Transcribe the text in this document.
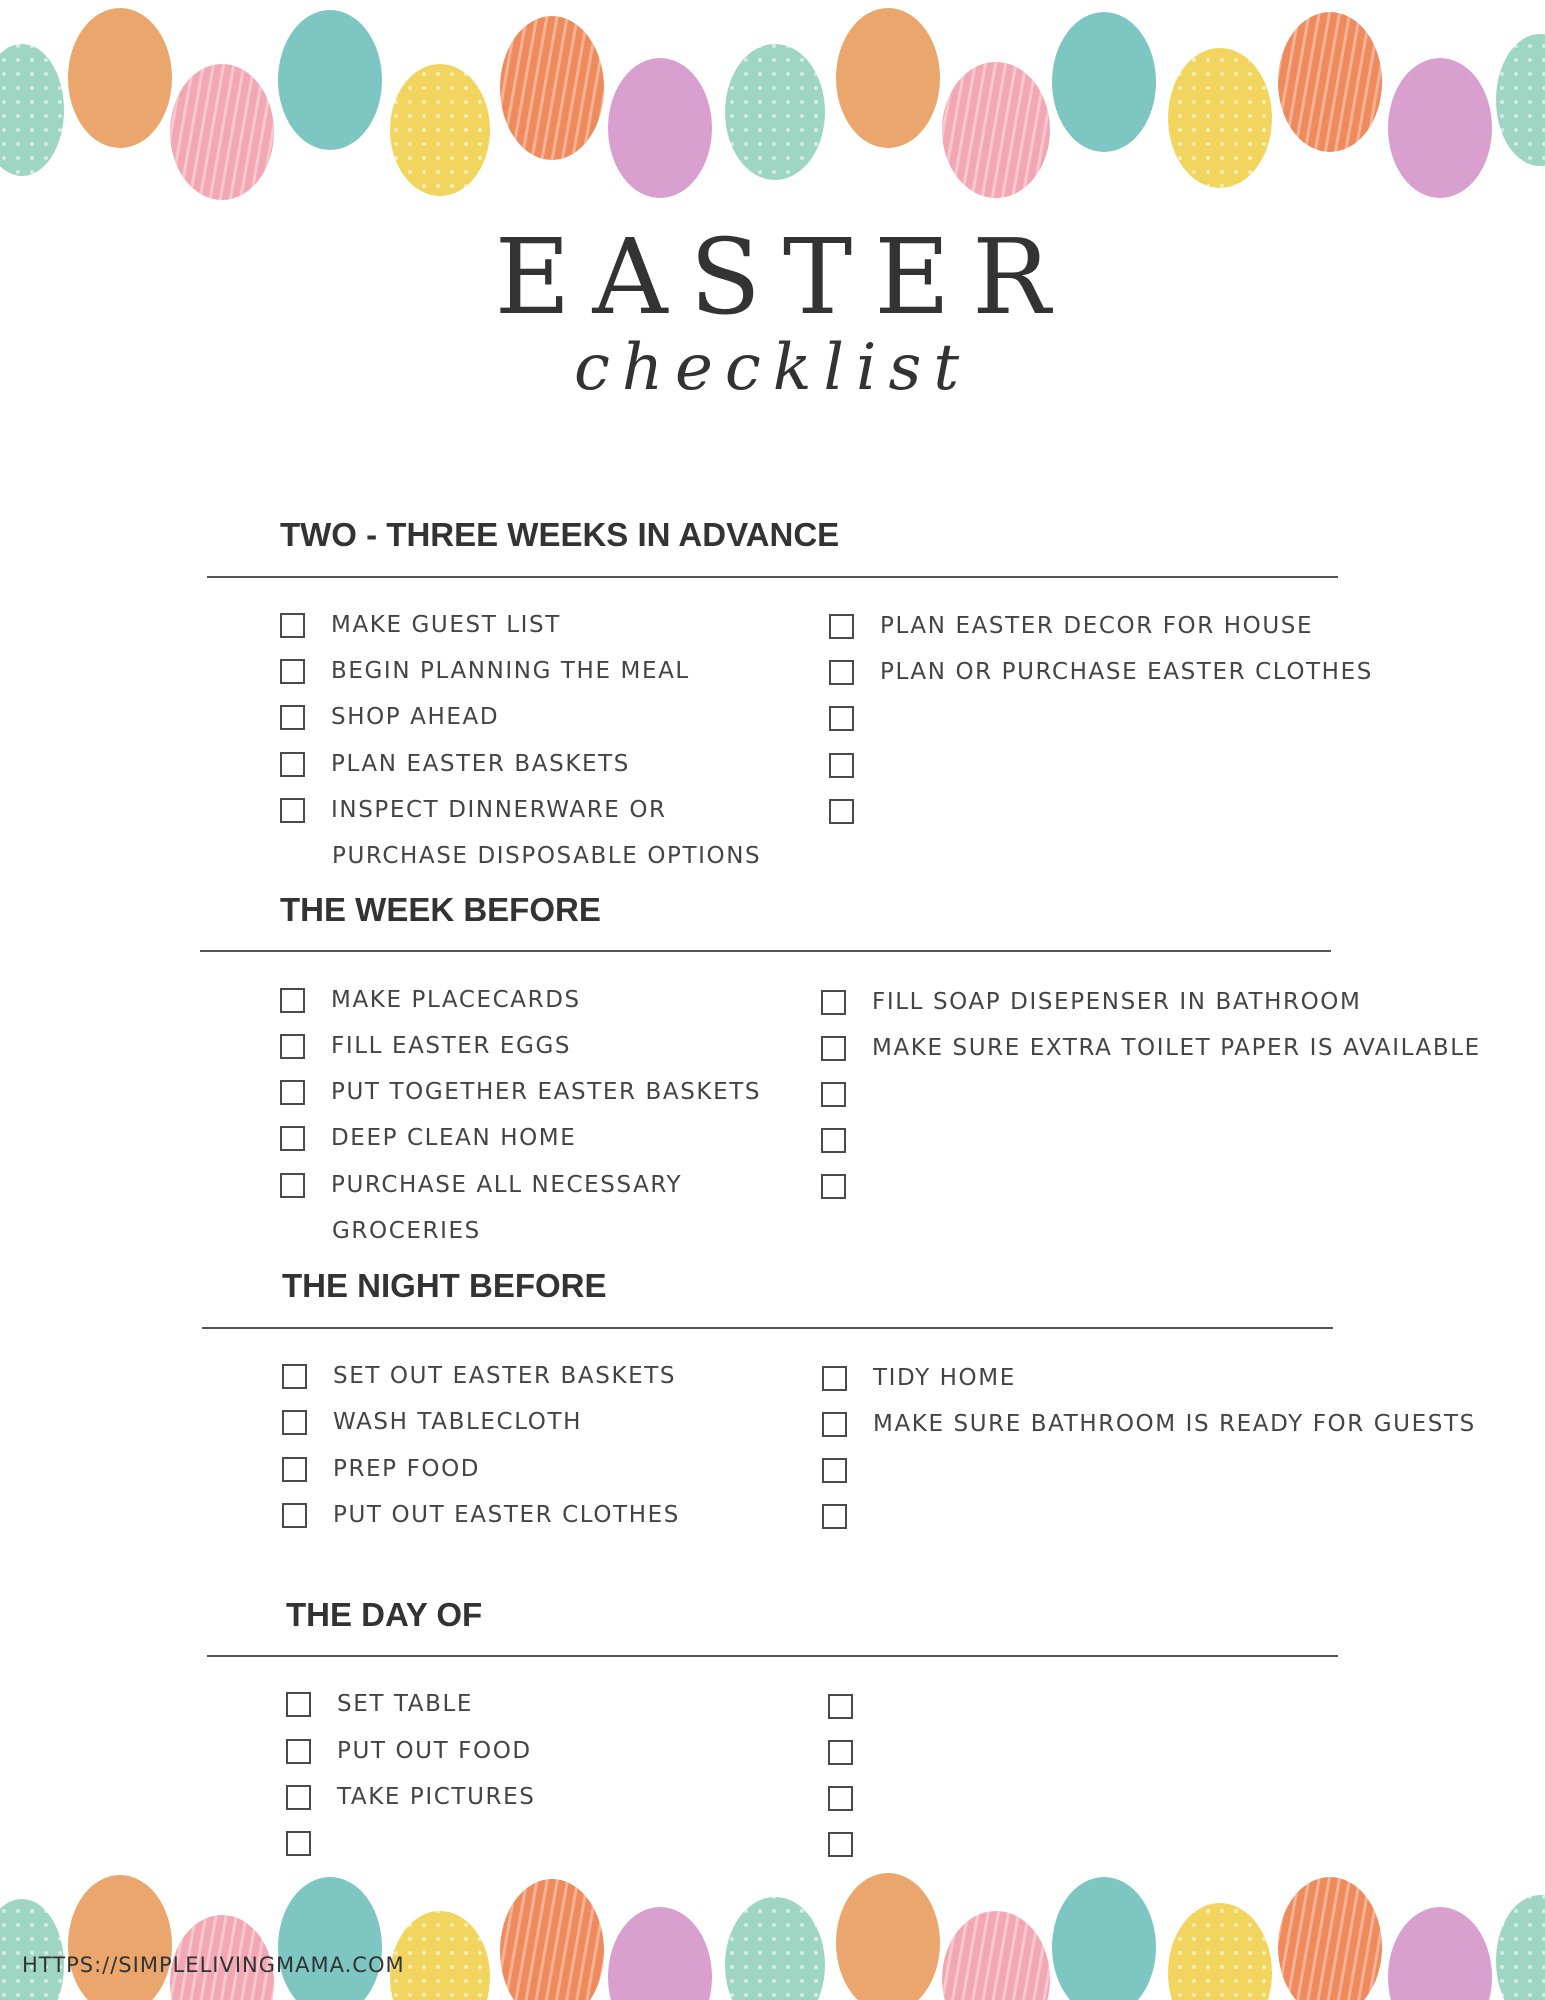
EASTER
checklist
TWO - THREE WEEKS IN ADVANCE
MAKE GUEST LIST
BEGIN PLANNING THE MEAL
SHOP AHEAD
PLAN EASTER BASKETS
INSPECT DINNERWARE OR
PURCHASE DISPOSABLE OPTIONS
PLAN EASTER DECOR FOR HOUSE
PLAN OR PURCHASE EASTER CLOTHES
THE WEEK BEFORE
MAKE PLACECARDS
FILL EASTER EGGS
PUT TOGETHER EASTER BASKETS
DEEP CLEAN HOME
PURCHASE ALL NECESSARY
GROCERIES
FILL SOAP DISEPENSER IN BATHROOM
MAKE SURE EXTRA TOILET PAPER IS AVAILABLE
THE NIGHT BEFORE
SET OUT EASTER BASKETS
WASH TABLECLOTH
PREP FOOD
PUT OUT EASTER CLOTHES
TIDY HOME
MAKE SURE BATHROOM IS READY FOR GUESTS
THE DAY OF
SET TABLE
PUT OUT FOOD
TAKE PICTURES
HTTPS://SIMPLELIVINGMAMA.COM
